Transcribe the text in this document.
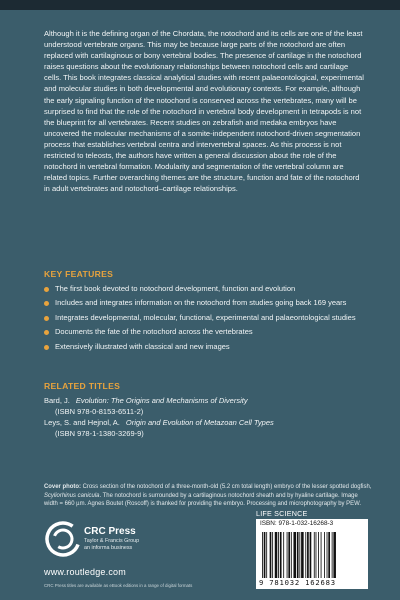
Although it is the defining organ of the Chordata, the notochord and its cells are one of the least understood vertebrate organs. This may be because large parts of the notochord are often replaced with cartilaginous or bony vertebral bodies. The presence of cartilage in the notochord raises questions about the evolutionary relationships between notochord cells and cartilage cells. This book integrates classical analytical studies with recent palaeontological, experimental and molecular studies in both developmental and evolutionary contexts. For example, although the early signaling function of the notochord is conserved across the vertebrates, many will be surprised to find that the role of the notochord in vertebral body development in tetrapods is not the blueprint for all vertebrates. Recent studies on zebrafish and medaka embryos have uncovered the molecular mechanisms of a somite-independent notochord-driven segmentation process that establishes vertebral centra and intervertebral spaces. As this process is not restricted to teleosts, the authors have written a general discussion about the role of the notochord in vertebral formation. Modularity and segmentation of the vertebral column are related topics. Further overarching themes are the structure, function and fate of the notochord in adult vertebrates and notochord–cartilage relationships.

KEY FEATURES
The first book devoted to notochord development, function and evolution
Includes and integrates information on the notochord from studies going back 169 years
Integrates developmental, molecular, functional, experimental and palaeontological studies
Documents the fate of the notochord across the vertebrates
Extensively illustrated with classical and new images
RELATED TITLES
Bard, J. Evolution: The Origins and Mechanisms of Diversity
(ISBN 978-0-8153-6511-2)
Leys, S. and Hejnol, A. Origin and Evolution of Metazoan Cell Types
(ISBN 978-1-1380-3269-9)

Cover photo: Cross section of the notochord of a three-month-old (5.2 cm total length) embryo of the lesser spotted dogfish, Scyliorhinus canicula. The notochord is surrounded by a cartilaginous notochord sheath and by hyaline cartilage. Image width = 660 µm. Agnes Boutet (Roscoff) is thanked for providing the embryo. Processing and microphotography by PEW.

CRC Press
Taylor & Francis Group
an informa business
www.routledge.com
CRC Press titles are available as eBook editions in a range of digital formats
LIFE SCIENCE
ISBN: 978-1-032-16268-3
9 781032 162683
